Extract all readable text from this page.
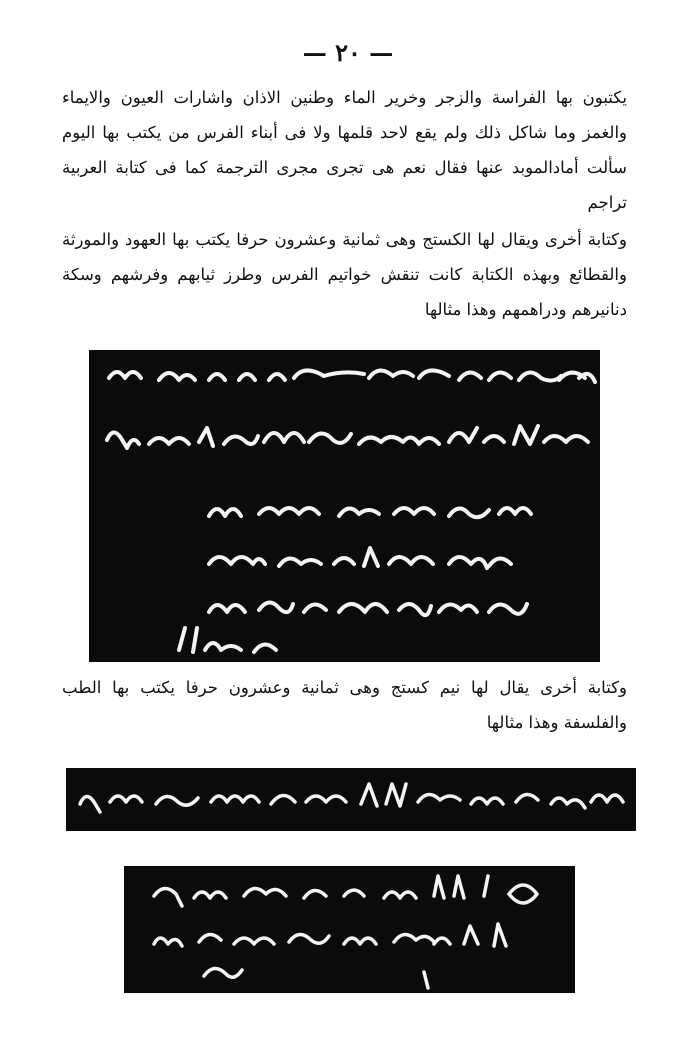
— ٢٠ —

يكتبون بها الفراسة والزجر وخرير الماء وطنين الاذان واشارات العيون والايماء والغمز وما شاكل ذلك ولم يقع لاحد قلمها ولا فى أبناء الفرس من يكتب بها اليوم سألت أمادالموبد عنها فقال نعم هى تجرى مجرى الترجمة كما فى كتابة العربية تراجم

وكتابة أخرى ويقال لها الكستج وهى ثمانية وعشرون حرفا يكتب بها العهود والمورثة والقطائع وبهذه الكتابة كانت تنقش خواتيم الفرس وطرز ثيابهم وفرشهم وسكة دنانيرهم ودراهمهم وهذا مثالها

وكتابة أخرى يقال لها نيم كستج وهى ثمانية وعشرون حرفا يكتب بها الطب والفلسفة وهذا مثالها
